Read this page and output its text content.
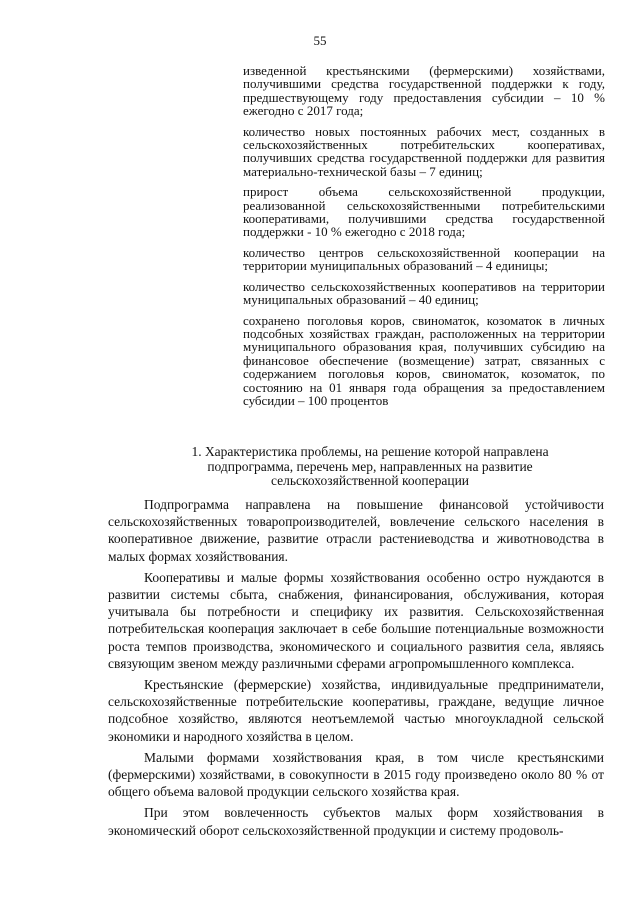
55

изведенной крестьянскими (фермерскими) хозяйствами, получившими средства государственной поддержки к году, предшествующему году предоставления субсидии – 10 % ежегодно с 2017 года;

количество новых постоянных рабочих мест, созданных в сельскохозяйственных потребительских кооперативах, получивших средства государственной поддержки для развития материально-технической базы – 7 единиц;

прирост объема сельскохозяйственной продукции, реализованной сельскохозяйственными потребительскими кооперативами, получившими средства государственной поддержки - 10 % ежегодно с 2018 года;

количество центров сельскохозяйственной кооперации на территории муниципальных образований – 4 единицы;

количество сельскохозяйственных кооперативов на территории муниципальных образований – 40 единиц;

сохранено поголовья коров, свиноматок, козоматок в личных подсобных хозяйствах граждан, расположенных на территории муниципального образования края, получивших субсидию на финансовое обеспечение (возмещение) затрат, связанных с содержанием поголовья коров, свиноматок, козоматок, по состоянию на 01 января года обращения за предоставлением субсидии – 100 процентов

1. Характеристика проблемы, на решение которой направлена подпрограмма, перечень мер, направленных на развитие сельскохозяйственной кооперации

Подпрограмма направлена на повышение финансовой устойчивости сельскохозяйственных товаропроизводителей, вовлечение сельского населения в кооперативное движение, развитие отрасли растениеводства и животноводства в малых формах хозяйствования.

Кооперативы и малые формы хозяйствования особенно остро нуждаются в развитии системы сбыта, снабжения, финансирования, обслуживания, которая учитывала бы потребности и специфику их развития. Сельскохозяйственная потребительская кооперация заключает в себе большие потенциальные возможности роста темпов производства, экономического и социального развития села, являясь связующим звеном между различными сферами агропромышленного комплекса.

Крестьянские (фермерские) хозяйства, индивидуальные предприниматели, сельскохозяйственные потребительские кооперативы, граждане, ведущие личное подсобное хозяйство, являются неотъемлемой частью многоукладной сельской экономики и народного хозяйства в целом.

Малыми формами хозяйствования края, в том числе крестьянскими (фермерскими) хозяйствами, в совокупности в 2015 году произведено около 80 % от общего объема валовой продукции сельского хозяйства края.

При этом вовлеченность субъектов малых форм хозяйствования в экономический оборот сельскохозяйственной продукции и систему продоволь-
